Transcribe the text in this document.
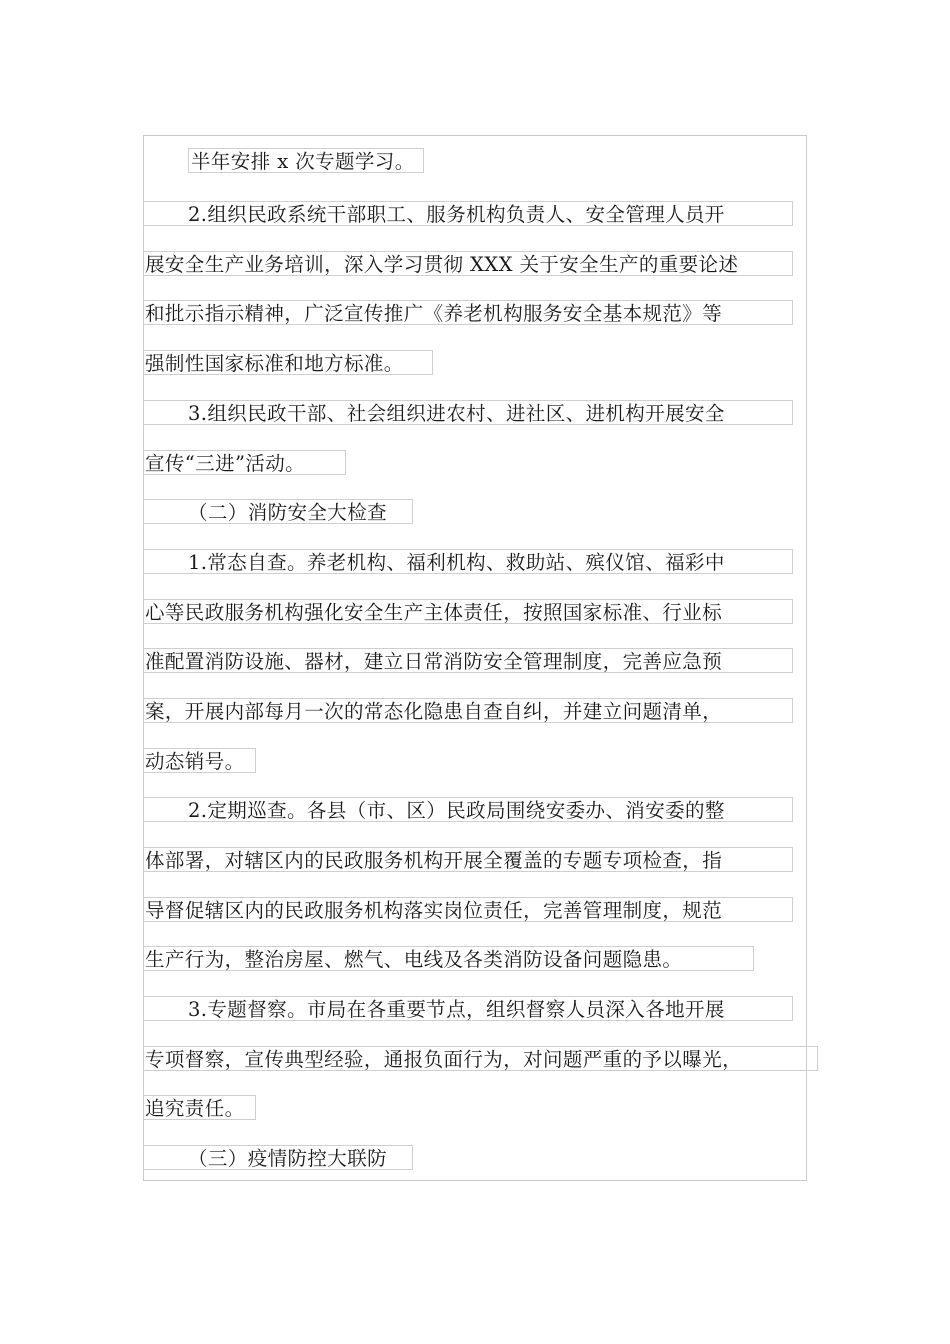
半年安排 x 次专题学习。
2.组织民政系统干部职工、服务机构负责人、安全管理人员开
展安全生产业务培训，深入学习贯彻 XXX 关于安全生产的重要论述
和批示指示精神，广泛宣传推广《养老机构服务安全基本规范》等
强制性国家标准和地方标准。
3.组织民政干部、社会组织进农村、进社区、进机构开展安全
宣传“三进”活动。
（二）消防安全大检查
1.常态自查。养老机构、福利机构、救助站、殡仪馆、福彩中
心等民政服务机构强化安全生产主体责任，按照国家标准、行业标
准配置消防设施、器材，建立日常消防安全管理制度，完善应急预
案，开展内部每月一次的常态化隐患自查自纠，并建立问题清单，
动态销号。
2.定期巡查。各县（市、区）民政局围绕安委办、消安委的整
体部署，对辖区内的民政服务机构开展全覆盖的专题专项检查，指
导督促辖区内的民政服务机构落实岗位责任，完善管理制度，规范
生产行为，整治房屋、燃气、电线及各类消防设备问题隐患。
3.专题督察。市局在各重要节点，组织督察人员深入各地开展
专项督察，宣传典型经验，通报负面行为，对问题严重的予以曝光，
追究责任。
（三）疫情防控大联防
